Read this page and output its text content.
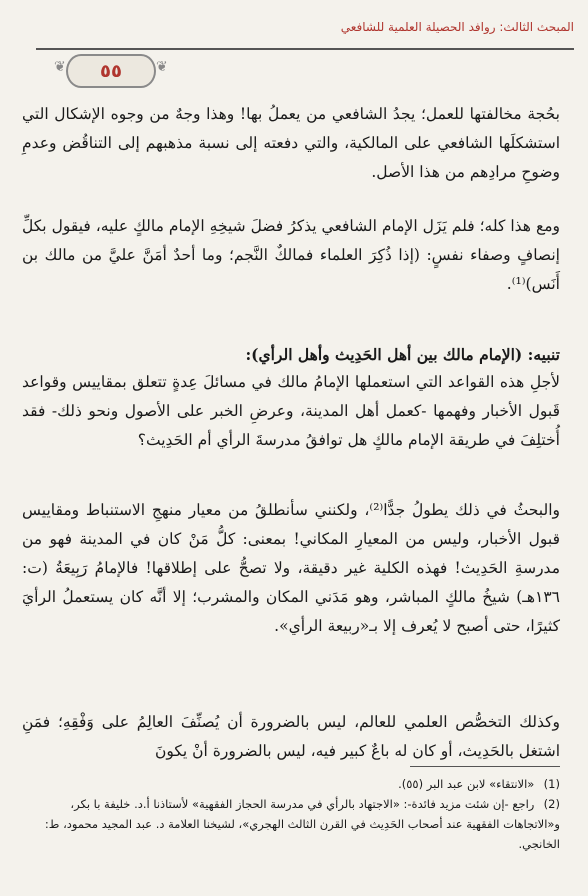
المبحث الثالث: روافد الحصيلة العلمية للشافعي
❦ ٥٥ ❦

بحُجة مخالفتها للعمل؛ يجدُ الشافعي من يعملُ بها! وهذا وجهٌ من وجوه الإشكال التي استشكلَها الشافعي على المالكية، والتي دفعته إلى نسبة مذهبهم إلى التناقُض وعدمِ وضوحِ مرادِهم من هذا الأصل.

ومع هذا كله؛ فلم يَزَل الإمام الشافعي يذكرُ فضلَ شيخِهِ الإمام مالكٍ عليه، فيقول بكلِّ إنصافٍ وصفاء نفسٍ: (إذا ذُكِرَ العلماء فمالكٌ النَّجم؛ وما أحدٌ أمَنَّ عليَّ من مالك بن أَنَس)⁽¹⁾.

تنبيه: (الإمام مالك بين أهل الحَدِيث وأهل الرأي):

لأجلِ هذه القواعد التي استعملها الإمامُ مالك في مسائلَ عِدةٍ تتعلق بمقاييس وقواعد قَبول الأخبار وفهمها -كعمل أهل المدينة، وعرضِ الخبر على الأصول ونحو ذلك- فقد أُختلِفَ في طريقة الإمام مالكٍ هل توافقُ مدرسةَ الرأي أم الحَدِيث؟

والبحثُ في ذلك يطولُ جدًّا⁽²⁾، ولكنني سأنطلقُ من معيار منهجِ الاستنباط ومقاييس قبول الأخبار، وليس من المعيارِ المكاني! بمعنى: كلُّ مَنْ كان في المدينة فهو من مدرسةِ الحَدِيث! فهذه الكلية غير دقيقة، ولا تصحُّ على إطلاقها! فالإمامُ رَبِيعَةُ (ت: ١٣٦هـ) شيخُ مالكٍ المباشر، وهو مَدَني المكان والمشرب؛ إلا أنَّه كان يستعملُ الرأيَ كثيرًا، حتى أصبح لا يُعرف إلا بـ«ربيعة الرأي».

وكذلك التخصُّص العلمي للعالم، ليس بالضرورة أن يُصنِّفَ العالِمُ على وَفْقِهِ؛ فمَنِ اشتغل بالحَدِيث، أو كان له باعٌ كبير فيه، ليس بالضرورة أنْ يكونَ

(1) «الانتقاء» لابن عبد البر (٥٥).
(2) راجع -إن شئت مزيد فائدة-: «الاجتهاد بالرأي في مدرسة الحجاز الفقهية» لأستاذنا أ.د. خليفة با بكر، و«الاتجاهات الفقهية عند أصحاب الحَدِيث في القرن الثالث الهجري»، لشيخنا العلامة د. عبد المجيد محمود، ط: الخانجي.
